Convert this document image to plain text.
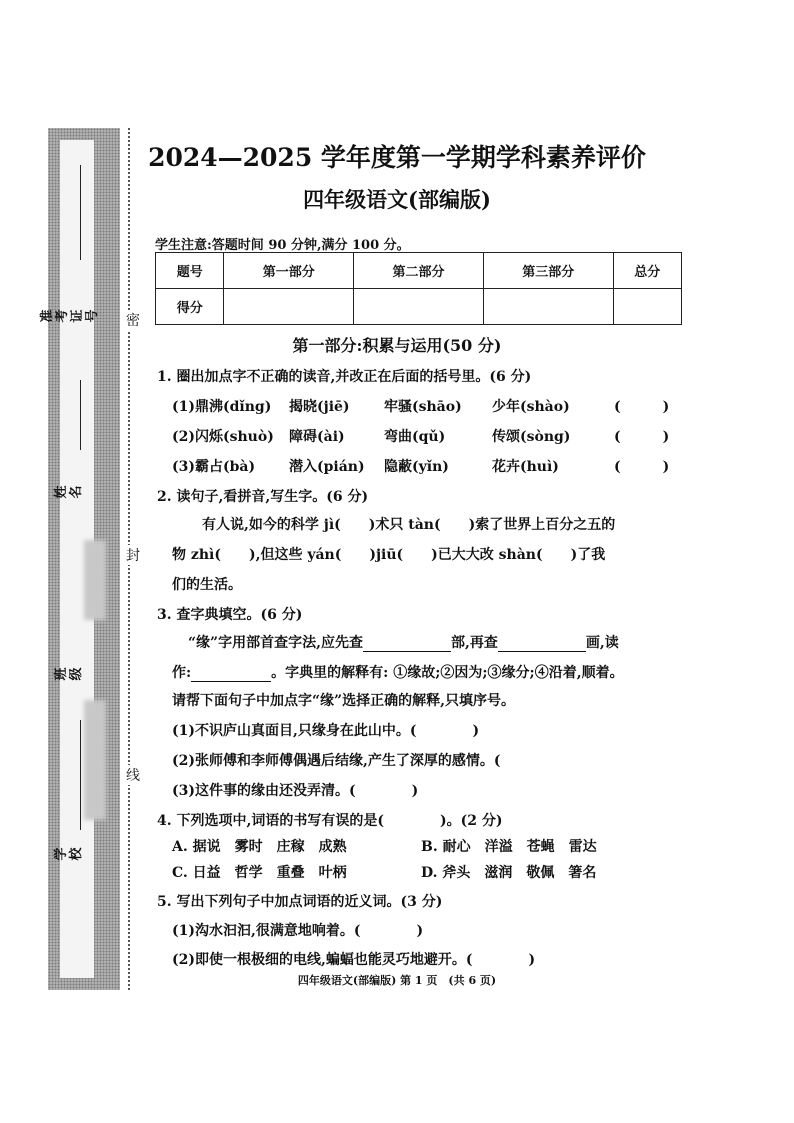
准考证号
姓名
班级
学校
密
封
线
2024—2025 学年度第一学期学科素养评价
四年级语文(部编版)
学生注意:答题时间 90 分钟,满分 100 分。
题号	第一部分	第二部分	第三部分	总分
得分				
第一部分:积累与运用(50 分)
1. 圈出加点字不正确的读音,并改正在后面的括号里。(6 分)
(1)鼎沸(dǐng) 揭晓(jiē) 牢骚(shāo) 少年(shào)	(　　　)
(2)闪烁(shuò) 障碍(ài)	弯曲(qǔ)	传颂(sòng)	(　　　)
(3)霸占(bà) 潜入(pián) 隐蔽(yǐn)	花卉(huì)	(　　　)
2. 读句子,看拼音,写生字。(6 分)
有人说,如今的科学 jì(　　)术只 tàn(　　)索了世界上百分之五的
物 zhì(　　),但这些 yán(　　)jiū(　　)已大大改 shàn(　　)了我
们的生活。
3. 查字典填空。(6 分)
“缘”字用部首查字法,应先查	部,再查	画,读
作:	。字典里的解释有: ①缘故;②因为;③缘分;④沿着,顺着。
请帮下面句子中加点字“缘”选择正确的解释,只填序号。
(1)不识庐山真面目,只缘身在此山中。(　　　　)
(2)张师傅和李师傅偶遇后结缘,产生了深厚的感情。(
(3)这件事的缘由还没弄清。(　　　　)
4. 下列选项中,词语的书写有误的是(　　　　)。(2 分)
A. 据说　雾时　庄稼　成熟	B. 耐心　洋溢　苍蝇　雷达
C. 日益　哲学　重叠　叶柄	D. 斧头　滋润　敬佩　箸名
5. 写出下列句子中加点词语的近义词。(3 分)
(1)沟水汩汩,很满意地响着。(　　　　)
(2)即使一根极细的电线,蝙蝠也能灵巧地避开。(　　　　)
四年级语文(部编版) 第 1 页　(共 6 页)
